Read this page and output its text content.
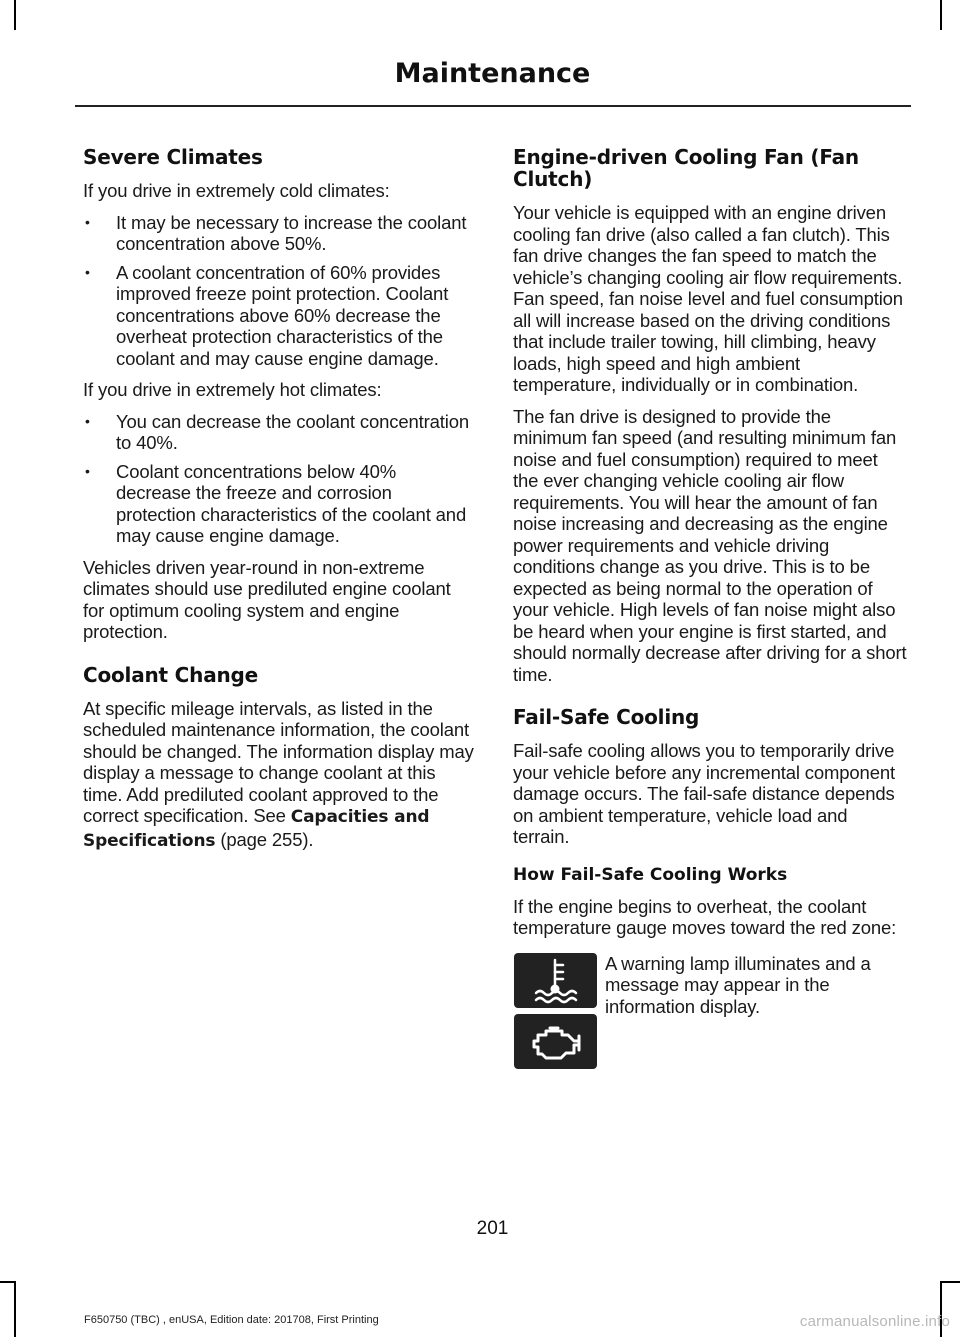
Maintenance
Severe Climates

If you drive in extremely cold climates:

• It may be necessary to increase the coolant concentration above 50%.
• A coolant concentration of 60% provides improved freeze point protection. Coolant concentrations above 60% decrease the overheat protection characteristics of the coolant and may cause engine damage.

If you drive in extremely hot climates:

• You can decrease the coolant concentration to 40%.
• Coolant concentrations below 40% decrease the freeze and corrosion protection characteristics of the coolant and may cause engine damage.

Vehicles driven year-round in non-extreme climates should use prediluted engine coolant for optimum cooling system and engine protection.

Coolant Change

At specific mileage intervals, as listed in the scheduled maintenance information, the coolant should be changed. The information display may display a message to change coolant at this time. Add prediluted coolant approved to the correct specification. See Capacities and Specifications (page 255).

Engine-driven Cooling Fan (Fan Clutch)

Your vehicle is equipped with an engine driven cooling fan drive (also called a fan clutch). This fan drive changes the fan speed to match the vehicle’s changing cooling air flow requirements. Fan speed, fan noise level and fuel consumption all will increase based on the driving conditions that include trailer towing, hill climbing, heavy loads, high speed and high ambient temperature, individually or in combination.

The fan drive is designed to provide the minimum fan speed (and resulting minimum fan noise and fuel consumption) required to meet the ever changing vehicle cooling air flow requirements. You will hear the amount of fan noise increasing and decreasing as the engine power requirements and vehicle driving conditions change as you drive. This is to be expected as being normal to the operation of your vehicle. High levels of fan noise might also be heard when your engine is first started, and should normally decrease after driving for a short time.

Fail-Safe Cooling

Fail-safe cooling allows you to temporarily drive your vehicle before any incremental component damage occurs. The fail-safe distance depends on ambient temperature, vehicle load and terrain.

How Fail-Safe Cooling Works

If the engine begins to overheat, the coolant temperature gauge moves toward the red zone:

A warning lamp illuminates and a message may appear in the information display.

201
F650750 (TBC) , enUSA, Edition date: 201708, First Printing	carmanualsonline.info
